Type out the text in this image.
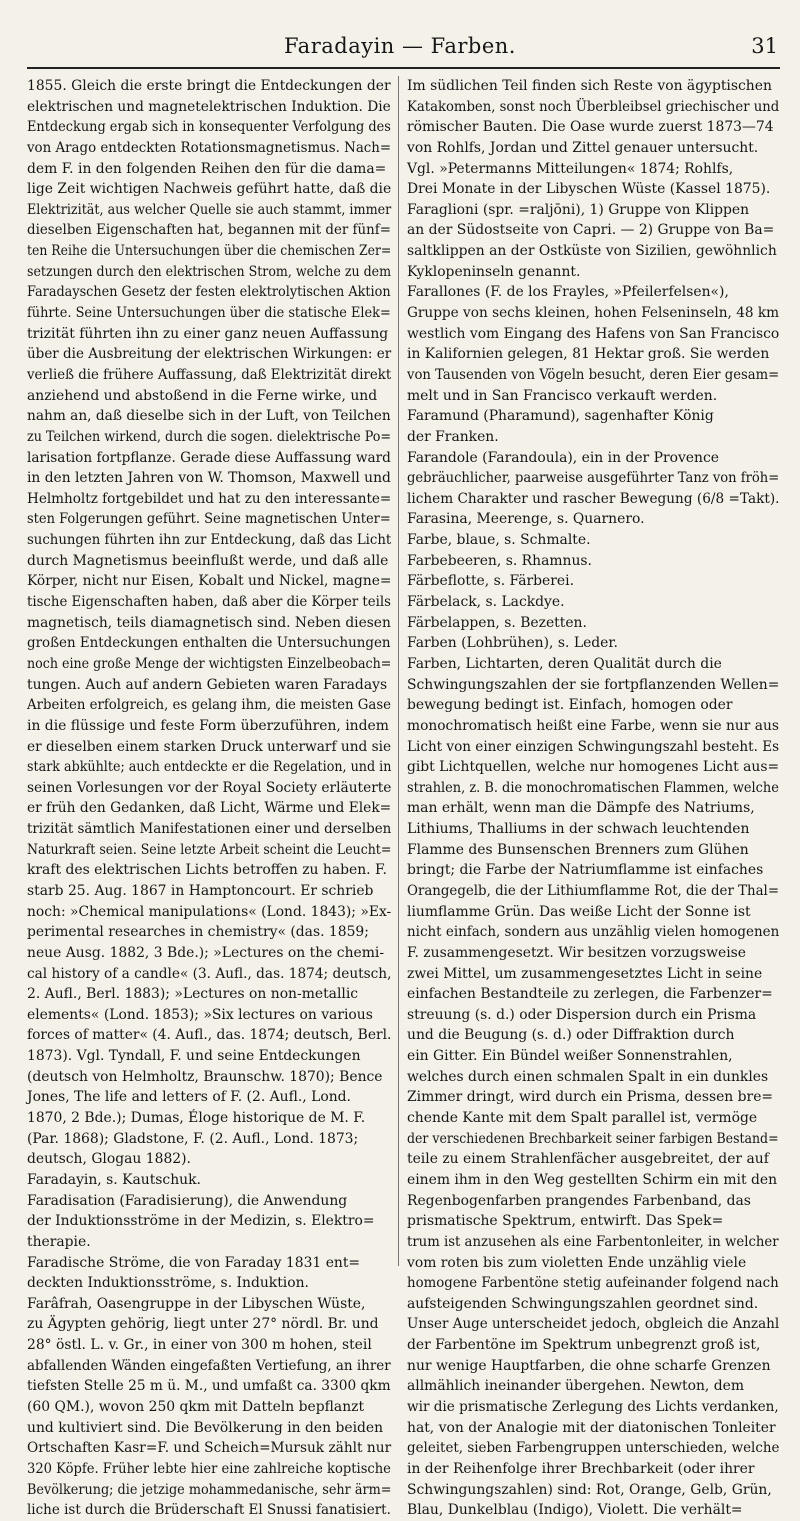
Faradayin — Farben.	31
1855. Gleich die erste bringt die Entdeckungen der
elektrischen und magnetelektrischen Induktion. Die
Entdeckung ergab sich in konsequenter Verfolgung des
von Arago entdeckten Rotationsmagnetismus. Nach=
dem F. in den folgenden Reihen den für die dama=
lige Zeit wichtigen Nachweis geführt hatte, daß die
Elektrizität, aus welcher Quelle sie auch stammt, immer
dieselben Eigenschaften hat, begannen mit der fünf=
ten Reihe die Untersuchungen über die chemischen Zer=
setzungen durch den elektrischen Strom, welche zu dem
Faradayschen Gesetz der festen elektrolytischen Aktion
führte. Seine Untersuchungen über die statische Elek=
trizität führten ihn zu einer ganz neuen Auffassung
über die Ausbreitung der elektrischen Wirkungen: er
verließ die frühere Auffassung, daß Elektrizität direkt
anziehend und abstoßend in die Ferne wirke, und
nahm an, daß dieselbe sich in der Luft, von Teilchen
zu Teilchen wirkend, durch die sogen. dielektrische Po=
larisation fortpflanze. Gerade diese Auffassung ward
in den letzten Jahren von W. Thomson, Maxwell und
Helmholtz fortgebildet und hat zu den interessante=
sten Folgerungen geführt. Seine magnetischen Unter=
suchungen führten ihn zur Entdeckung, daß das Licht
durch Magnetismus beeinflußt werde, und daß alle
Körper, nicht nur Eisen, Kobalt und Nickel, magne=
tische Eigenschaften haben, daß aber die Körper teils
magnetisch, teils diamagnetisch sind. Neben diesen
großen Entdeckungen enthalten die Untersuchungen
noch eine große Menge der wichtigsten Einzelbeobach=
tungen. Auch auf andern Gebieten waren Faradays
Arbeiten erfolgreich, es gelang ihm, die meisten Gase
in die flüssige und feste Form überzuführen, indem
er dieselben einem starken Druck unterwarf und sie
stark abkühlte; auch entdeckte er die Regelation, und in
seinen Vorlesungen vor der Royal Society erläuterte
er früh den Gedanken, daß Licht, Wärme und Elek=
trizität sämtlich Manifestationen einer und derselben
Naturkraft seien. Seine letzte Arbeit scheint die Leucht=
kraft des elektrischen Lichts betroffen zu haben. F.
starb 25. Aug. 1867 in Hamptoncourt. Er schrieb
noch: »Chemical manipulations« (Lond. 1843); »Ex-
perimental researches in chemistry« (das. 1859;
neue Ausg. 1882, 3 Bde.); »Lectures on the chemi-
cal history of a candle« (3. Aufl., das. 1874; deutsch,
2. Aufl., Berl. 1883); »Lectures on non-metallic
elements« (Lond. 1853); »Six lectures on various
forces of matter« (4. Aufl., das. 1874; deutsch, Berl.
1873). Vgl. Tyndall, F. und seine Entdeckungen
(deutsch von Helmholtz, Braunschw. 1870); Bence
Jones, The life and letters of F. (2. Aufl., Lond.
1870, 2 Bde.); Dumas, Éloge historique de M. F.
(Par. 1868); Gladstone, F. (2. Aufl., Lond. 1873;
deutsch, Glogau 1882).
Faradayin, s. Kautschuk.
Faradisation (Faradisierung), die Anwendung
der Induktionsströme in der Medizin, s. Elektro=
therapie.
Faradische Ströme, die von Faraday 1831 ent=
deckten Induktionsströme, s. Induktion.
Farâfrah, Oasengruppe in der Libyschen Wüste,
zu Ägypten gehörig, liegt unter 27° nördl. Br. und
28° östl. L. v. Gr., in einer von 300 m hohen, steil
abfallenden Wänden eingefaßten Vertiefung, an ihrer
tiefsten Stelle 25 m ü. M., und umfaßt ca. 3300 qkm
(60 QM.), wovon 250 qkm mit Datteln bepflanzt
und kultiviert sind. Die Bevölkerung in den beiden
Ortschaften Kasr=F. und Scheich=Mursuk zählt nur
320 Köpfe. Früher lebte hier eine zahlreiche koptische
Bevölkerung; die jetzige mohammedanische, sehr ärm=
liche ist durch die Brüderschaft El Snussi fanatisiert.
Im südlichen Teil finden sich Reste von ägyptischen
Katakomben, sonst noch Überbleibsel griechischer und
römischer Bauten. Die Oase wurde zuerst 1873—74
von Rohlfs, Jordan und Zittel genauer untersucht.
Vgl. »Petermanns Mitteilungen« 1874; Rohlfs,
Drei Monate in der Libyschen Wüste (Kassel 1875).
Faraglioni (spr. =raljōni), 1) Gruppe von Klippen
an der Südostseite von Capri. — 2) Gruppe von Ba=
saltklippen an der Ostküste von Sizilien, gewöhnlich
Kyklopeninseln genannt.
Farallones (F. de los Frayles, »Pfeilerfelsen«),
Gruppe von sechs kleinen, hohen Felseninseln, 48 km
westlich vom Eingang des Hafens von San Francisco
in Kalifornien gelegen, 81 Hektar groß. Sie werden
von Tausenden von Vögeln besucht, deren Eier gesam=
melt und in San Francisco verkauft werden.
Faramund (Pharamund), sagenhafter König
der Franken.
Farandole (Farandoula), ein in der Provence
gebräuchlicher, paarweise ausgeführter Tanz von fröh=
lichem Charakter und rascher Bewegung (6/8 =Takt).
Farasina, Meerenge, s. Quarnero.
Farbe, blaue, s. Schmalte.
Farbebeeren, s. Rhamnus.
Färbeflotte, s. Färberei.
Färbelack, s. Lackdye.
Färbelappen, s. Bezetten.
Farben (Lohbrühen), s. Leder.
Farben, Lichtarten, deren Qualität durch die
Schwingungszahlen der sie fortpflanzenden Wellen=
bewegung bedingt ist. Einfach, homogen oder
monochromatisch heißt eine Farbe, wenn sie nur aus
Licht von einer einzigen Schwingungszahl besteht. Es
gibt Lichtquellen, welche nur homogenes Licht aus=
strahlen, z. B. die monochromatischen Flammen, welche
man erhält, wenn man die Dämpfe des Natriums,
Lithiums, Thalliums in der schwach leuchtenden
Flamme des Bunsenschen Brenners zum Glühen
bringt; die Farbe der Natriumflamme ist einfaches
Orangegelb, die der Lithiumflamme Rot, die der Thal=
liumflamme Grün. Das weiße Licht der Sonne ist
nicht einfach, sondern aus unzählig vielen homogenen
F. zusammengesetzt. Wir besitzen vorzugsweise
zwei Mittel, um zusammengesetztes Licht in seine
einfachen Bestandteile zu zerlegen, die Farbenzer=
streuung (s. d.) oder Dispersion durch ein Prisma
und die Beugung (s. d.) oder Diffraktion durch
ein Gitter. Ein Bündel weißer Sonnenstrahlen,
welches durch einen schmalen Spalt in ein dunkles
Zimmer dringt, wird durch ein Prisma, dessen bre=
chende Kante mit dem Spalt parallel ist, vermöge
der verschiedenen Brechbarkeit seiner farbigen Bestand=
teile zu einem Strahlenfächer ausgebreitet, der auf
einem ihm in den Weg gestellten Schirm ein mit den
Regenbogenfarben prangendes Farbenband, das
prismatische Spektrum, entwirft. Das Spek=
trum ist anzusehen als eine Farbentonleiter, in welcher
vom roten bis zum violetten Ende unzählig viele
homogene Farbentöne stetig aufeinander folgend nach
aufsteigenden Schwingungszahlen geordnet sind.
Unser Auge unterscheidet jedoch, obgleich die Anzahl
der Farbentöne im Spektrum unbegrenzt groß ist,
nur wenige Hauptfarben, die ohne scharfe Grenzen
allmählich ineinander übergehen. Newton, dem
wir die prismatische Zerlegung des Lichts verdanken,
hat, von der Analogie mit der diatonischen Tonleiter
geleitet, sieben Farbengruppen unterschieden, welche
in der Reihenfolge ihrer Brechbarkeit (oder ihrer
Schwingungszahlen) sind: Rot, Orange, Gelb, Grün,
Blau, Dunkelblau (Indigo), Violett. Die verhält=
